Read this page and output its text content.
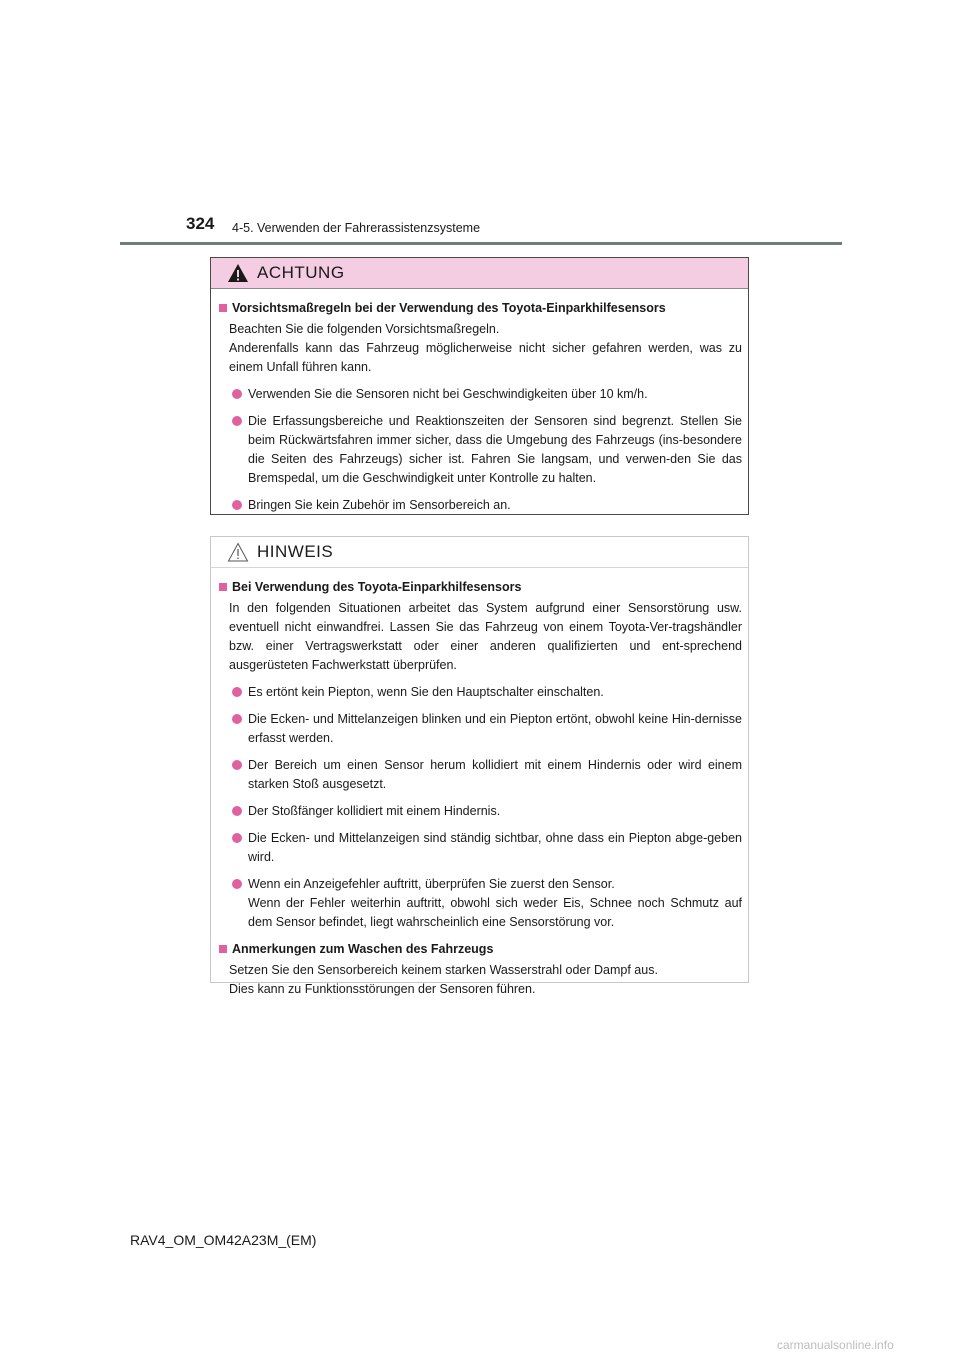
324 4-5. Verwenden der Fahrerassistenzsysteme
ACHTUNG
Vorsichtsmaßregeln bei der Verwendung des Toyota-Einparkhilfesensors
Beachten Sie die folgenden Vorsichtsmaßregeln.
Anderenfalls kann das Fahrzeug möglicherweise nicht sicher gefahren werden, was zu einem Unfall führen kann.
Verwenden Sie die Sensoren nicht bei Geschwindigkeiten über 10 km/h.
Die Erfassungsbereiche und Reaktionszeiten der Sensoren sind begrenzt. Stellen Sie beim Rückwärtsfahren immer sicher, dass die Umgebung des Fahrzeugs (ins-besondere die Seiten des Fahrzeugs) sicher ist. Fahren Sie langsam, und verwen-den Sie das Bremspedal, um die Geschwindigkeit unter Kontrolle zu halten.
Bringen Sie kein Zubehör im Sensorbereich an.
HINWEIS
Bei Verwendung des Toyota-Einparkhilfesensors
In den folgenden Situationen arbeitet das System aufgrund einer Sensorstörung usw. eventuell nicht einwandfrei. Lassen Sie das Fahrzeug von einem Toyota-Ver-tragshändler bzw. einer Vertragswerkstatt oder einer anderen qualifizierten und ent-sprechend ausgerüsteten Fachwerkstatt überprüfen.
Es ertönt kein Piepton, wenn Sie den Hauptschalter einschalten.
Die Ecken- und Mittelanzeigen blinken und ein Piepton ertönt, obwohl keine Hin-dernisse erfasst werden.
Der Bereich um einen Sensor herum kollidiert mit einem Hindernis oder wird einem starken Stoß ausgesetzt.
Der Stoßfänger kollidiert mit einem Hindernis.
Die Ecken- und Mittelanzeigen sind ständig sichtbar, ohne dass ein Piepton abge-geben wird.
Wenn ein Anzeigefehler auftritt, überprüfen Sie zuerst den Sensor.
Wenn der Fehler weiterhin auftritt, obwohl sich weder Eis, Schnee noch Schmutz auf dem Sensor befindet, liegt wahrscheinlich eine Sensorstörung vor.
Anmerkungen zum Waschen des Fahrzeugs
Setzen Sie den Sensorbereich keinem starken Wasserstrahl oder Dampf aus.
Dies kann zu Funktionsstörungen der Sensoren führen.
RAV4_OM_OM42A23M_(EM)
carmanualsonline.info
